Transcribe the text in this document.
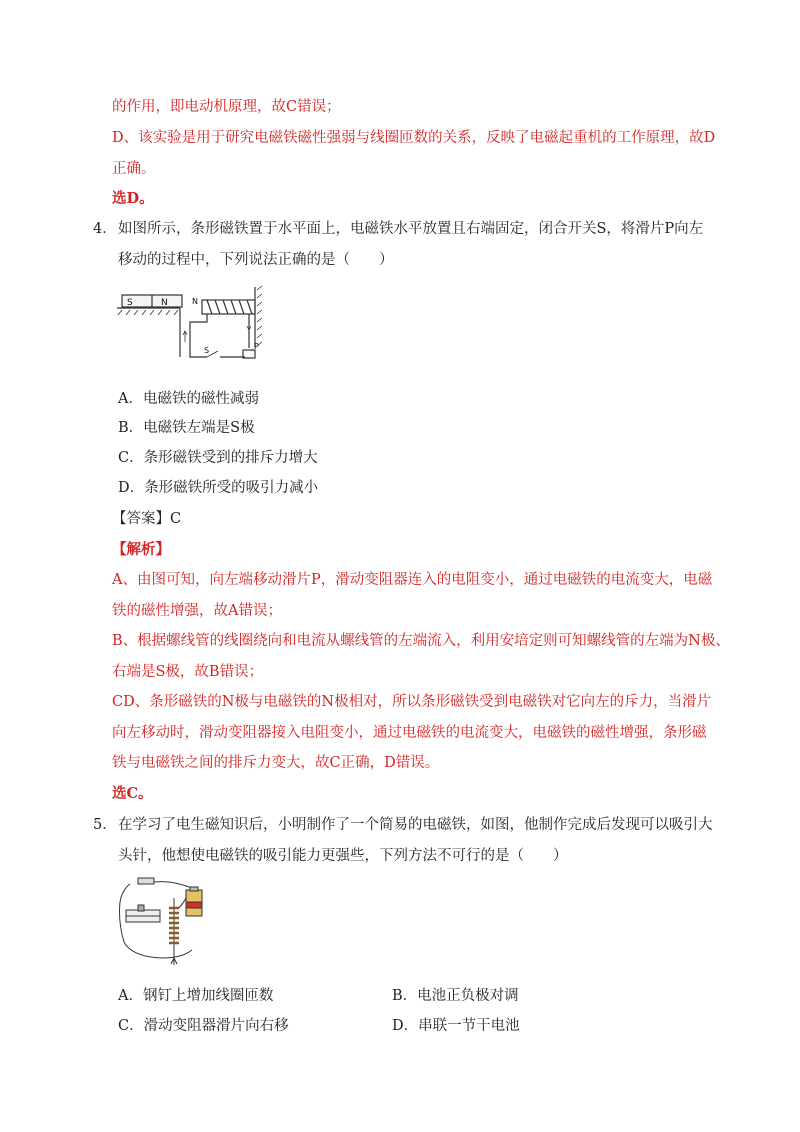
的作用，即电动机原理，故C错误；
D、该实验是用于研究电磁铁磁性强弱与线圈匝数的关系，反映了电磁起重机的工作原理，故D
正确。
选D。
4． 如图所示，条形磁铁置于水平面上，电磁铁水平放置且右端固定，闭合开关S，将滑片P向左
移动的过程中，下列说法正确的是（　　）
S	N	N
S	P
A．电磁铁的磁性减弱
B．电磁铁左端是S极
C．条形磁铁受到的排斥力增大
D．条形磁铁所受的吸引力减小
【答案】C
【解析】
A、由图可知，向左端移动滑片P，滑动变阻器连入的电阻变小，通过电磁铁的电流变大，电磁
铁的磁性增强，故A错误；
B、根据螺线管的线圈绕向和电流从螺线管的左端流入，利用安培定则可知螺线管的左端为N极、
右端是S极，故B错误；
CD、条形磁铁的N极与电磁铁的N极相对，所以条形磁铁受到电磁铁对它向左的斥力，当滑片
向左移动时，滑动变阻器接入电阻变小，通过电磁铁的电流变大，电磁铁的磁性增强，条形磁
铁与电磁铁之间的排斥力变大，故C正确，D错误。
选C。
5． 在学习了电生磁知识后，小明制作了一个简易的电磁铁，如图，他制作完成后发现可以吸引大
头针，他想使电磁铁的吸引能力更强些，下列方法不可行的是（　　）
A．钢钉上增加线圈匝数	B．电池正负极对调
C．滑动变阻器滑片向右移	D．串联一节干电池
